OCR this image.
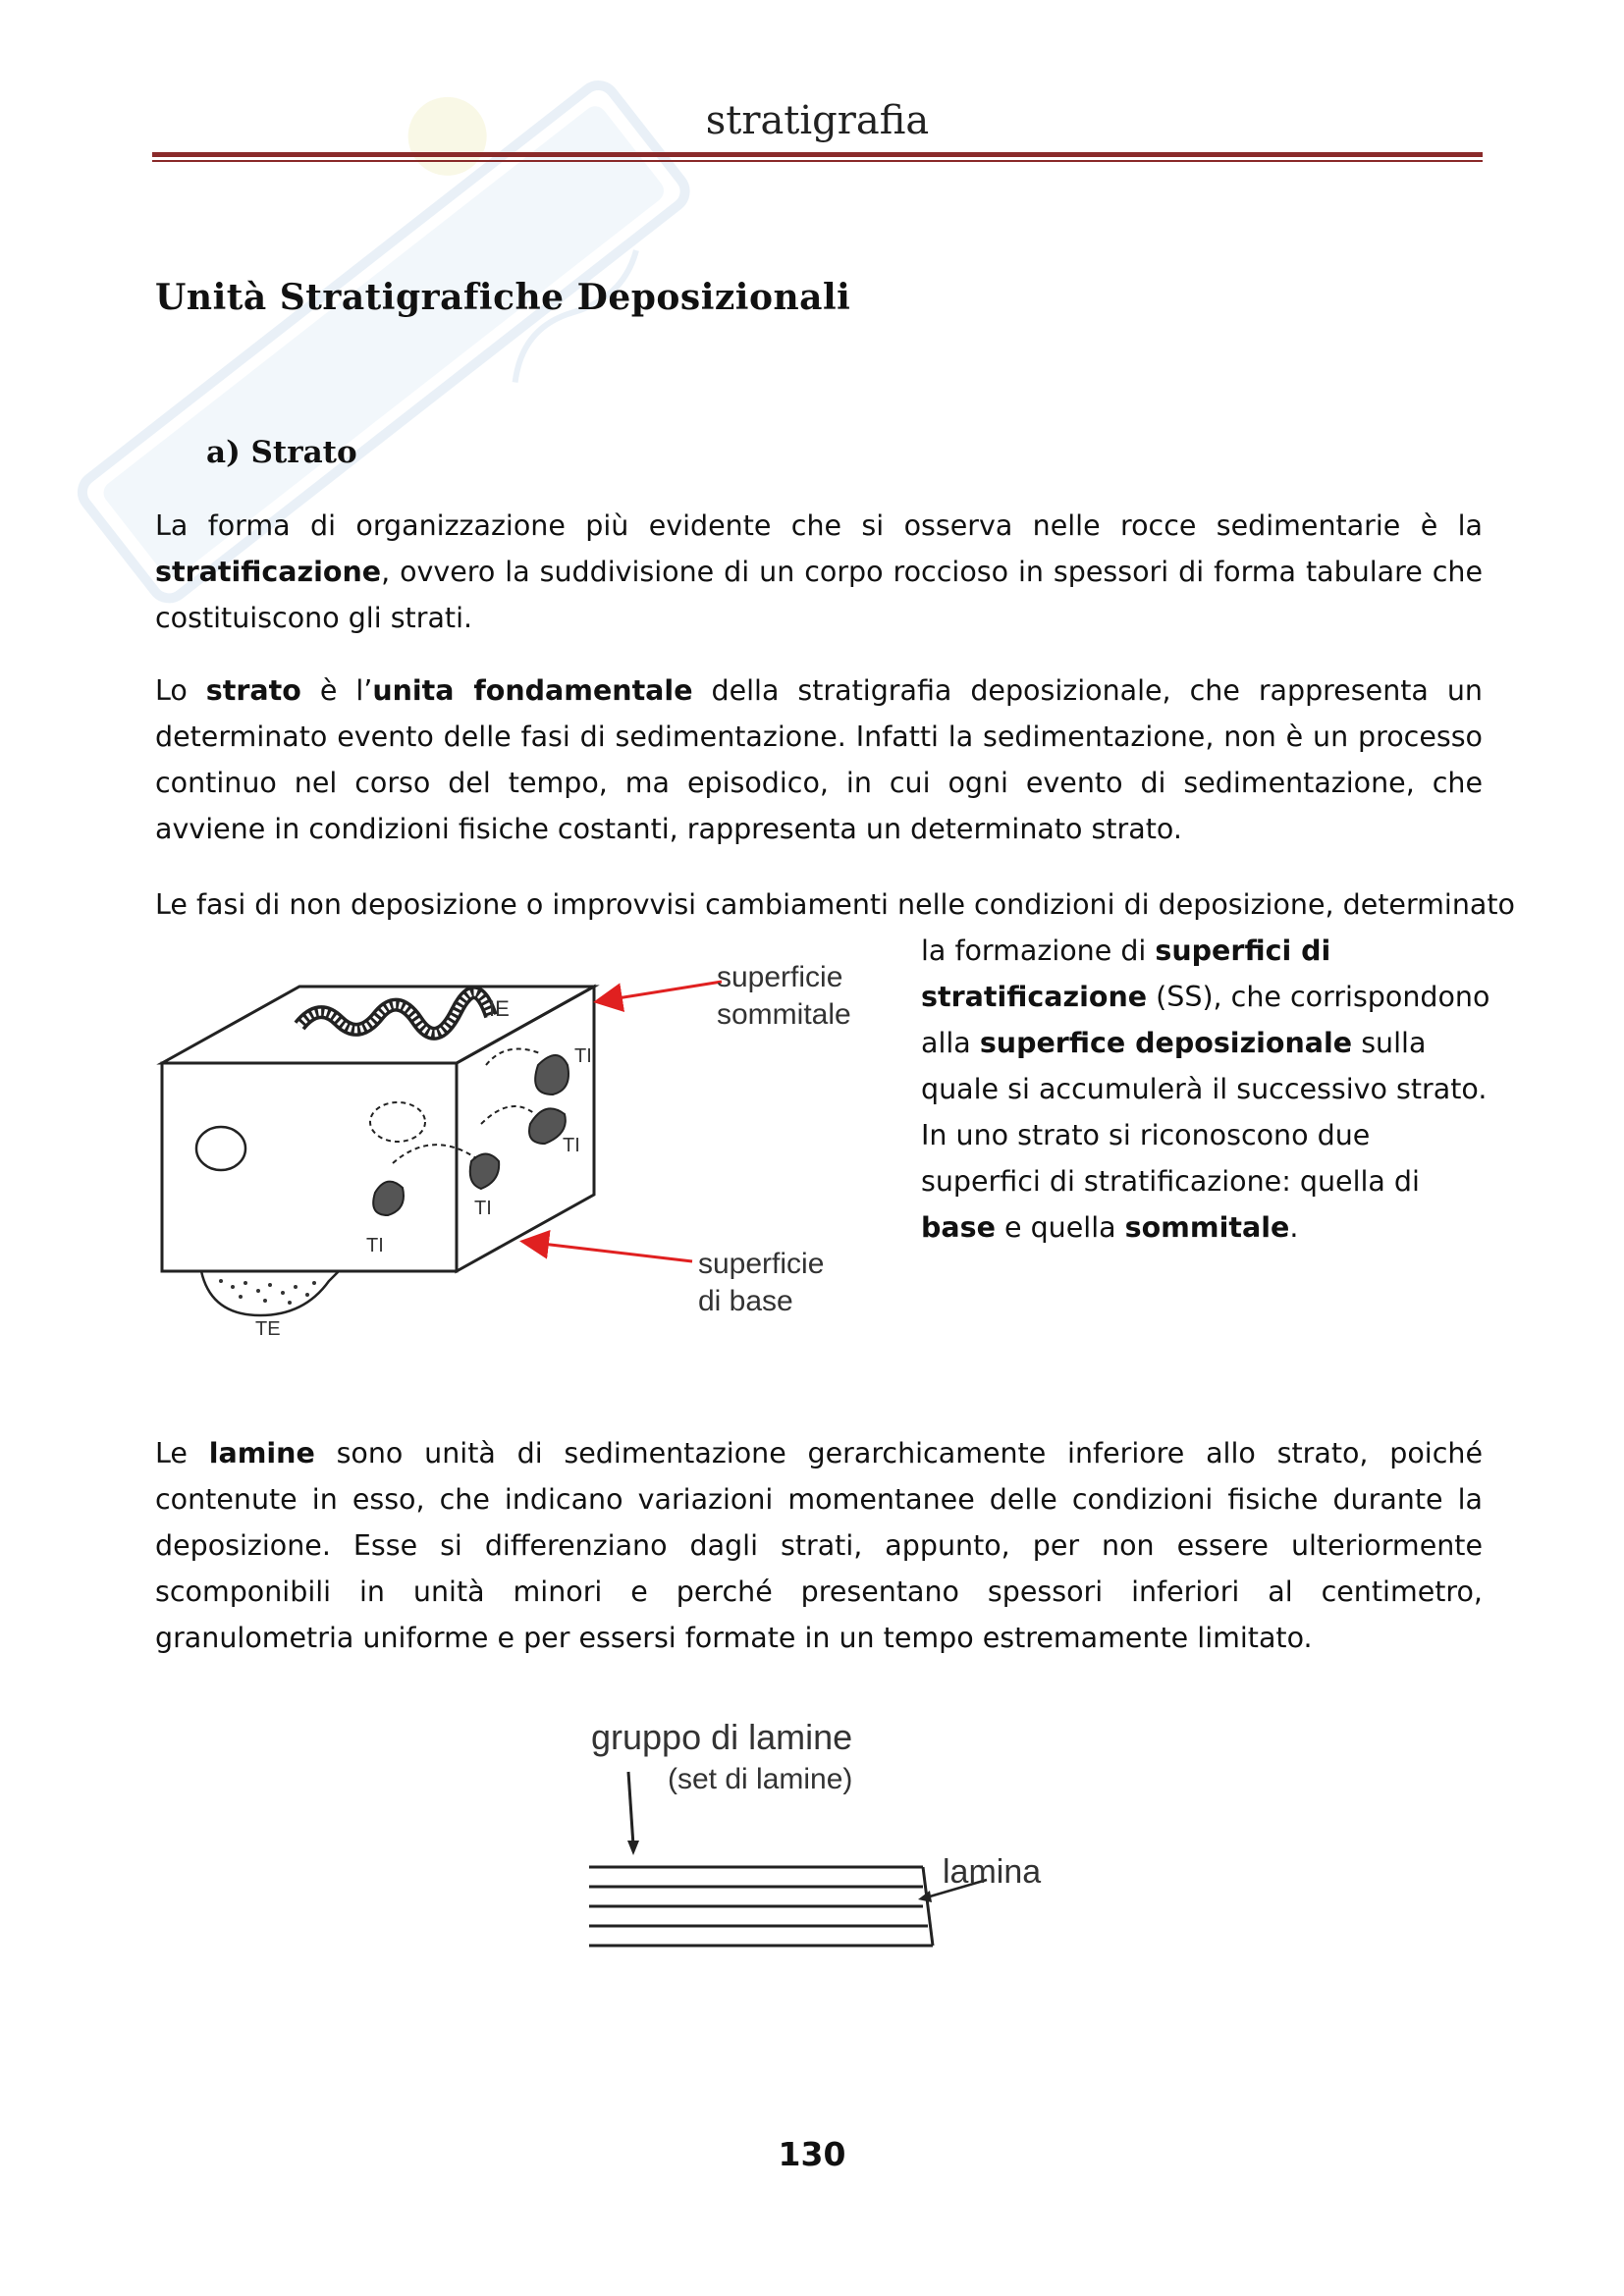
stratigrafia
Unità Stratigrafiche Deposizionali
a) Strato
La forma di organizzazione più evidente che si osserva nelle rocce sedimentarie è la stratificazione, ovvero la suddivisione di un corpo roccioso in spessori di forma tabulare che costituiscono gli strati.
Lo strato è l’unita fondamentale della stratigrafia deposizionale, che rappresenta un determinato evento delle fasi di sedimentazione. Infatti la sedimentazione, non è un processo continuo nel corso del tempo, ma episodico, in cui ogni evento di sedimentazione, che avviene in condizioni fisiche costanti, rappresenta un determinato strato.
Le fasi di non deposizione o improvvisi cambiamenti nelle condizioni di deposizione, determinato
la formazione di superfici di stratificazione (SS), che corrispondono alla superfice deposizionale sulla quale si accumulerà il successivo strato. In uno strato si riconoscono due superfici di stratificazione: quella di base e quella sommitale.
IE
TI
TI
TI
TI
TE
superficie
sommitale
superficie
di base
Le lamine sono unità di sedimentazione gerarchicamente inferiore allo strato, poiché contenute in esso, che indicano variazioni momentanee delle condizioni fisiche durante la deposizione. Esse si differenziano dagli strati, appunto, per non essere ulteriormente scomponibili in unità minori e perché presentano spessori inferiori al centimetro, granulometria uniforme e per essersi formate in un tempo estremamente limitato.
gruppo di lamine
(set di lamine)
lamina
130
